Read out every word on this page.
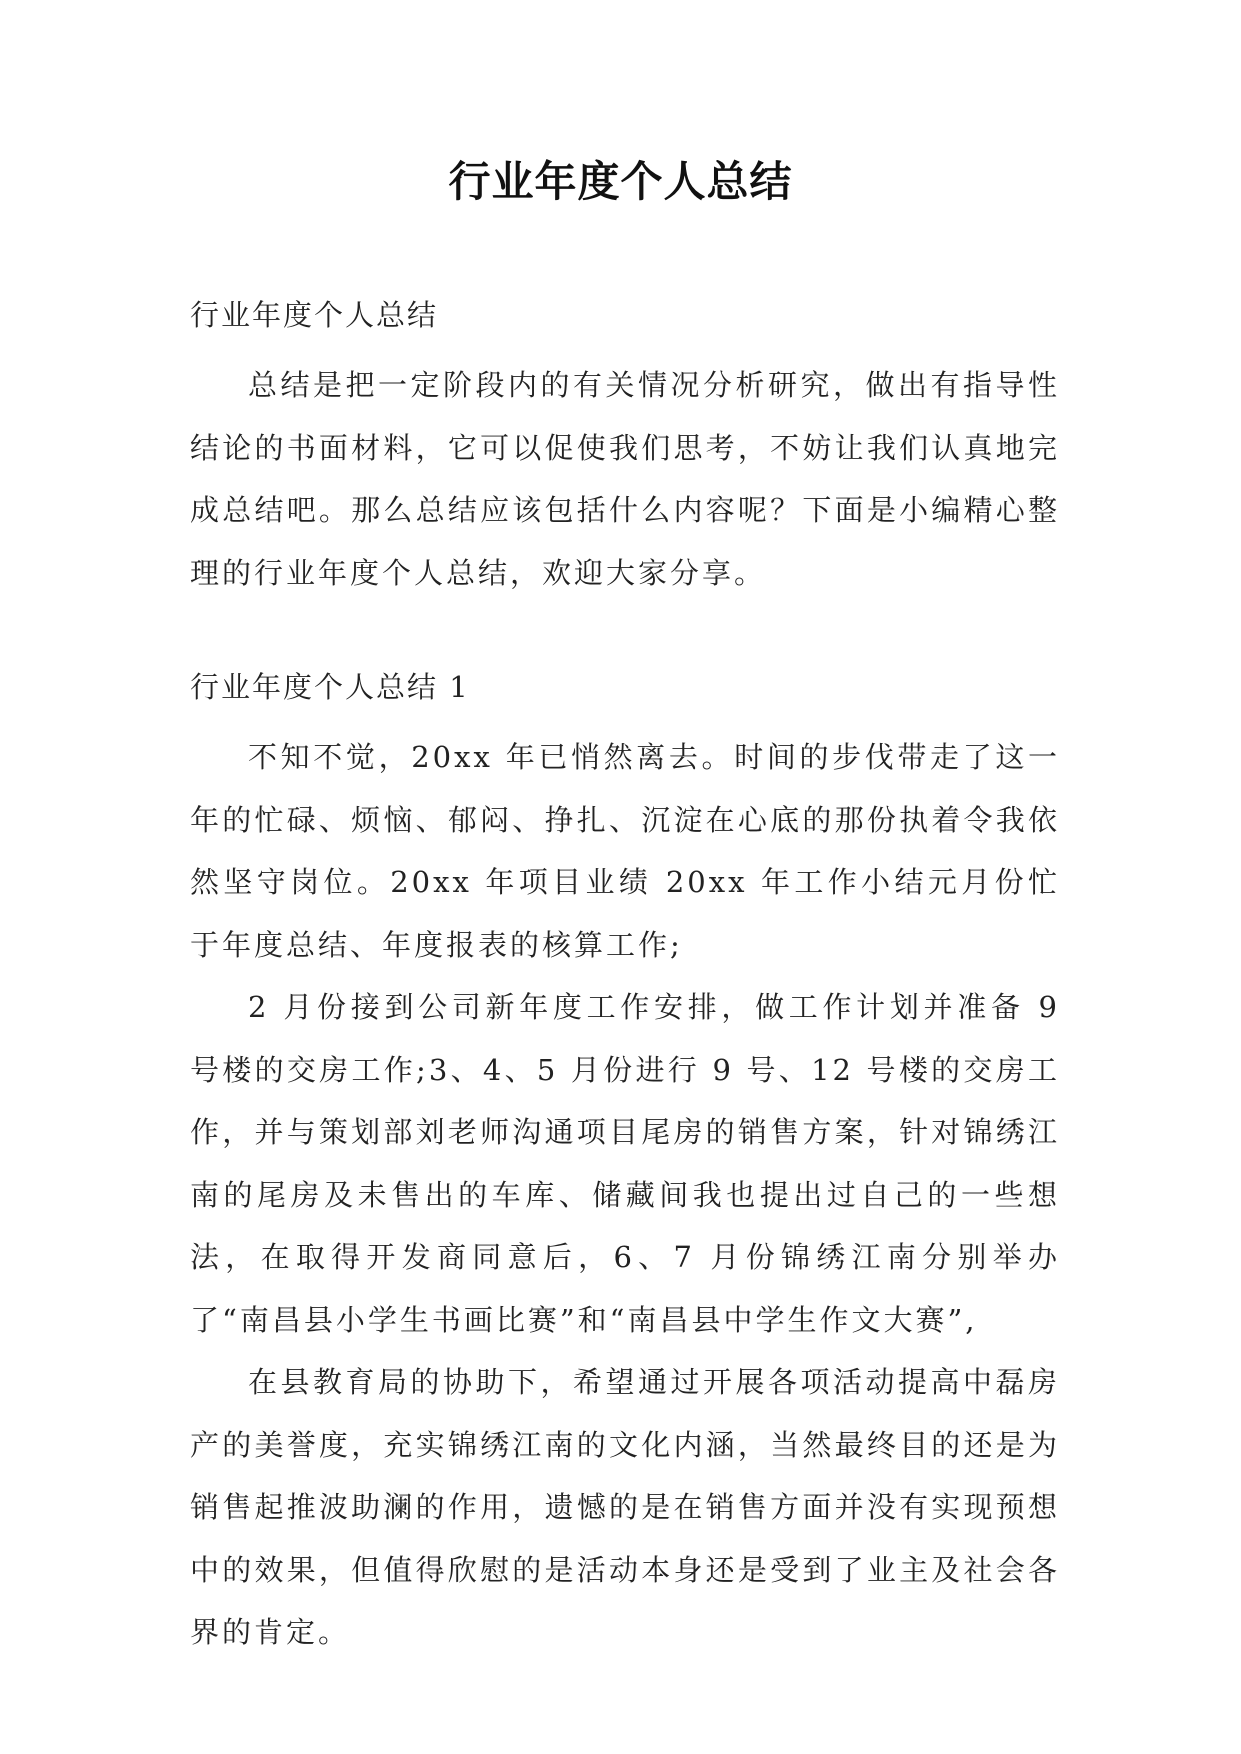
行业年度个人总结

行业年度个人总结

总结是把一定阶段内的有关情况分析研究，做出有指导性结论的书面材料，它可以促使我们思考，不妨让我们认真地完成总结吧。那么总结应该包括什么内容呢？下面是小编精心整理的行业年度个人总结，欢迎大家分享。

行业年度个人总结 1

不知不觉，20xx 年已悄然离去。时间的步伐带走了这一年的忙碌、烦恼、郁闷、挣扎、沉淀在心底的那份执着令我依然坚守岗位。20xx 年项目业绩 20xx 年工作小结元月份忙于年度总结、年度报表的核算工作;

2 月份接到公司新年度工作安排，做工作计划并准备 9 号楼的交房工作;3、4、5 月份进行 9 号、12 号楼的交房工作，并与策划部刘老师沟通项目尾房的销售方案，针对锦绣江南的尾房及未售出的车库、储藏间我也提出过自己的一些想法，在取得开发商同意后，6、7 月份锦绣江南分别举办了“南昌县小学生书画比赛”和“南昌县中学生作文大赛”,

在县教育局的协助下，希望通过开展各项活动提高中磊房产的美誉度，充实锦绣江南的文化内涵，当然最终目的还是为销售起推波助澜的作用，遗憾的是在销售方面并没有实现预想中的效果，但值得欣慰的是活动本身还是受到了业主及社会各界的肯定。
